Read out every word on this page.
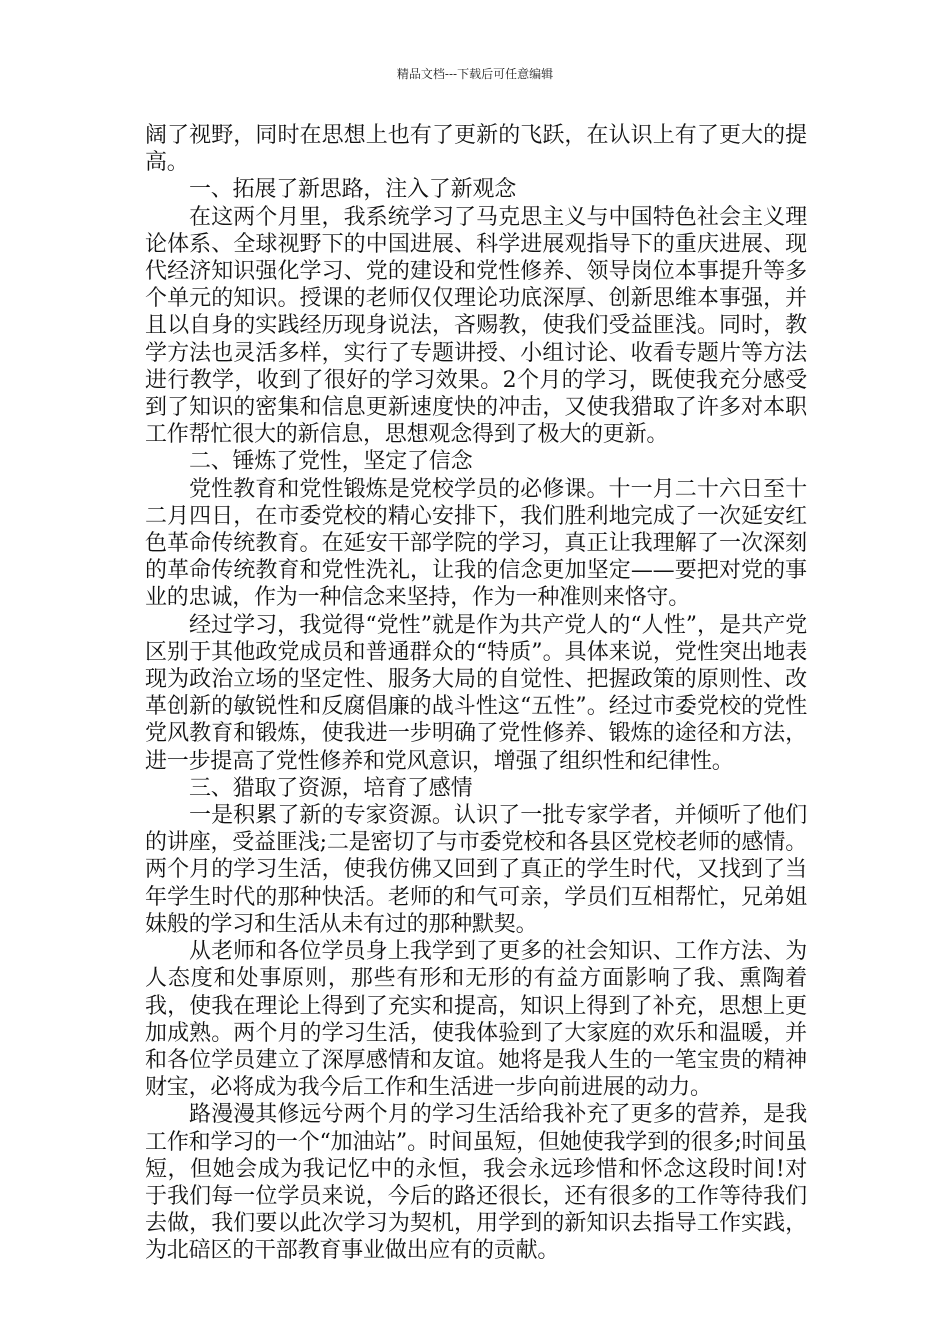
精品文档---下载后可任意编辑

阔了视野，同时在思想上也有了更新的飞跃，在认识上有了更大的提高。

一、拓展了新思路，注入了新观念

在这两个月里，我系统学习了马克思主义与中国特色社会主义理论体系、全球视野下的中国进展、科学进展观指导下的重庆进展、现代经济知识强化学习、党的建设和党性修养、领导岗位本事提升等多个单元的知识。授课的老师仅仅理论功底深厚、创新思维本事强，并且以自身的实践经历现身说法，吝赐教，使我们受益匪浅。同时，教学方法也灵活多样，实行了专题讲授、小组讨论、收看专题片等方法进行教学，收到了很好的学习效果。2个月的学习，既使我充分感受到了知识的密集和信息更新速度快的冲击，又使我猎取了许多对本职工作帮忙很大的新信息，思想观念得到了极大的更新。

二、锤炼了党性，坚定了信念

党性教育和党性锻炼是党校学员的必修课。十一月二十六日至十二月四日，在市委党校的精心安排下，我们胜利地完成了一次延安红色革命传统教育。在延安干部学院的学习，真正让我理解了一次深刻的革命传统教育和党性洗礼，让我的信念更加坚定——要把对党的事业的忠诚，作为一种信念来坚持，作为一种准则来恪守。

经过学习，我觉得“党性”就是作为共产党人的“人性”，是共产党区别于其他政党成员和普通群众的“特质”。具体来说，党性突出地表现为政治立场的坚定性、服务大局的自觉性、把握政策的原则性、改革创新的敏锐性和反腐倡廉的战斗性这“五性”。经过市委党校的党性党风教育和锻炼，使我进一步明确了党性修养、锻炼的途径和方法，进一步提高了党性修养和党风意识，增强了组织性和纪律性。

三、猎取了资源，培育了感情

一是积累了新的专家资源。认识了一批专家学者，并倾听了他们的讲座，受益匪浅;二是密切了与市委党校和各县区党校老师的感情。两个月的学习生活，使我仿佛又回到了真正的学生时代，又找到了当年学生时代的那种快活。老师的和气可亲，学员们互相帮忙，兄弟姐妹般的学习和生活从未有过的那种默契。

从老师和各位学员身上我学到了更多的社会知识、工作方法、为人态度和处事原则，那些有形和无形的有益方面影响了我、熏陶着我，使我在理论上得到了充实和提高，知识上得到了补充，思想上更加成熟。两个月的学习生活，使我体验到了大家庭的欢乐和温暖，并和各位学员建立了深厚感情和友谊。她将是我人生的一笔宝贵的精神财宝，必将成为我今后工作和生活进一步向前进展的动力。

路漫漫其修远兮两个月的学习生活给我补充了更多的营养，是我工作和学习的一个“加油站”。时间虽短，但她使我学到的很多;时间虽短，但她会成为我记忆中的永恒，我会永远珍惜和怀念这段时间!对于我们每一位学员来说，今后的路还很长，还有很多的工作等待我们去做，我们要以此次学习为契机，用学到的新知识去指导工作实践，为北碚区的干部教育事业做出应有的贡献。
